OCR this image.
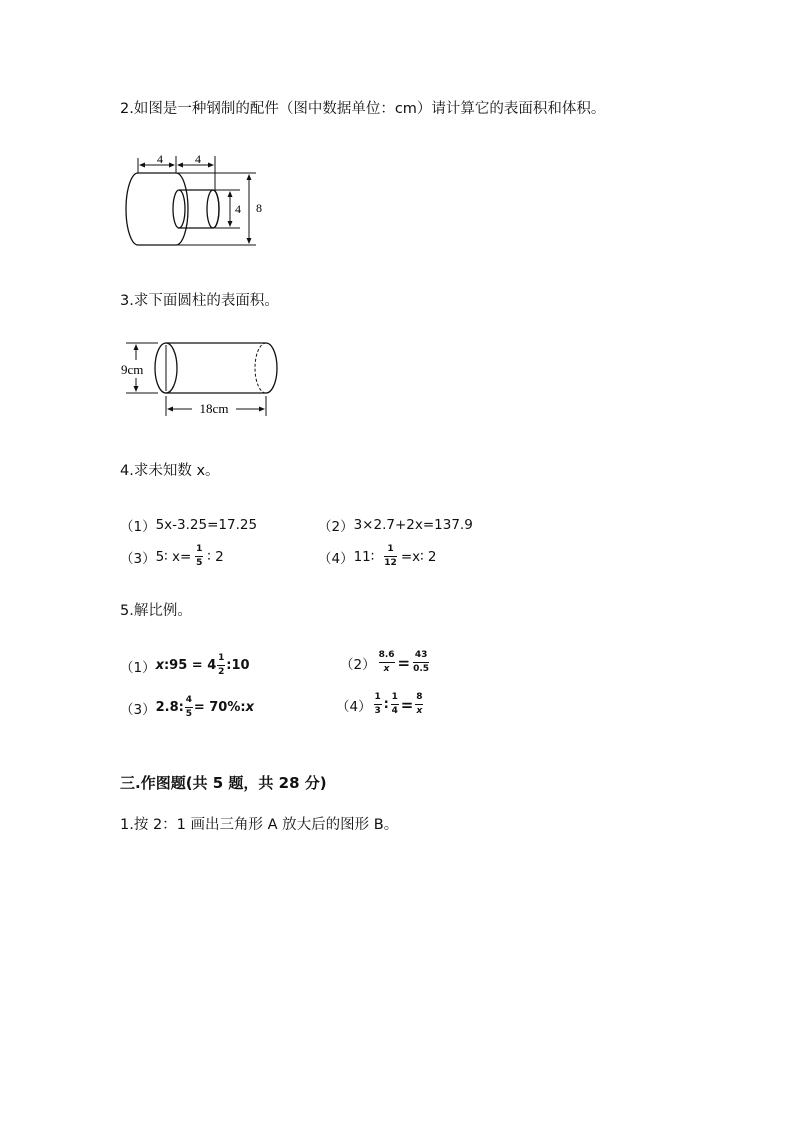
2.如图是一种钢制的配件（图中数据单位：cm）请计算它的表面积和体积。
4	4
4 8
3.求下面圆柱的表面积。
9cm
18cm
4.求未知数 x。
（1） 5x-3.25=17.25	（2） 3×2.7+2x=137.9
（3） 5∶ $x= \frac{1}{5}$ ∶ 2	（4） 11∶ $\frac{1}{12}$ =x∶ 2
5.解比例。
（1） x :95 = $4 \frac{1}{2}$ :10	$(2) \frac{8.6}{x} = \frac{43}{0.5}$
（3） 2.8: $\frac{4}{5} = 70\%$: x	$(4) \frac{1}{3}$ : $\frac{1}{4} = \frac{8}{x}$
三.作图题(共 5 题，共 28 分)
1.按 2：1 画出三角形 A 放大后的图形 B。
